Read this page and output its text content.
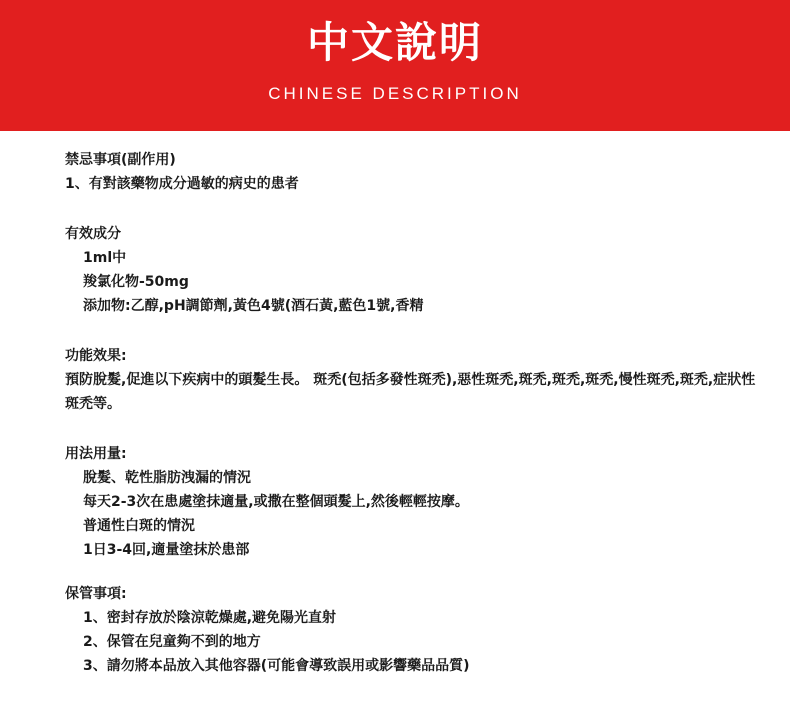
中文說明
CHINESE DESCRIPTION
禁忌事項(副作用)
1、有對該藥物成分過敏的病史的患者
有效成分
1ml中
羧氯化物-50mg
添加物:乙醇,pH調節劑,黃色4號(酒石黃,藍色1號,香精
功能效果:
預防脫髮,促進以下疾病中的頭髮生長。 斑禿(包括多發性斑禿),惡性斑禿,斑禿,斑禿,斑禿,慢性斑禿,斑禿,症狀性斑禿等。
用法用量:
脫髮、乾性脂肪洩漏的情況
每天2-3次在患處塗抹適量,或撒在整個頭髮上,然後輕輕按摩。
普通性白斑的情況
1日3-4回,適量塗抹於患部
保管事項:
1、密封存放於陰涼乾燥處,避免陽光直射
2、保管在兒童夠不到的地方
3、請勿將本品放入其他容器(可能會導致誤用或影響藥品品質)
